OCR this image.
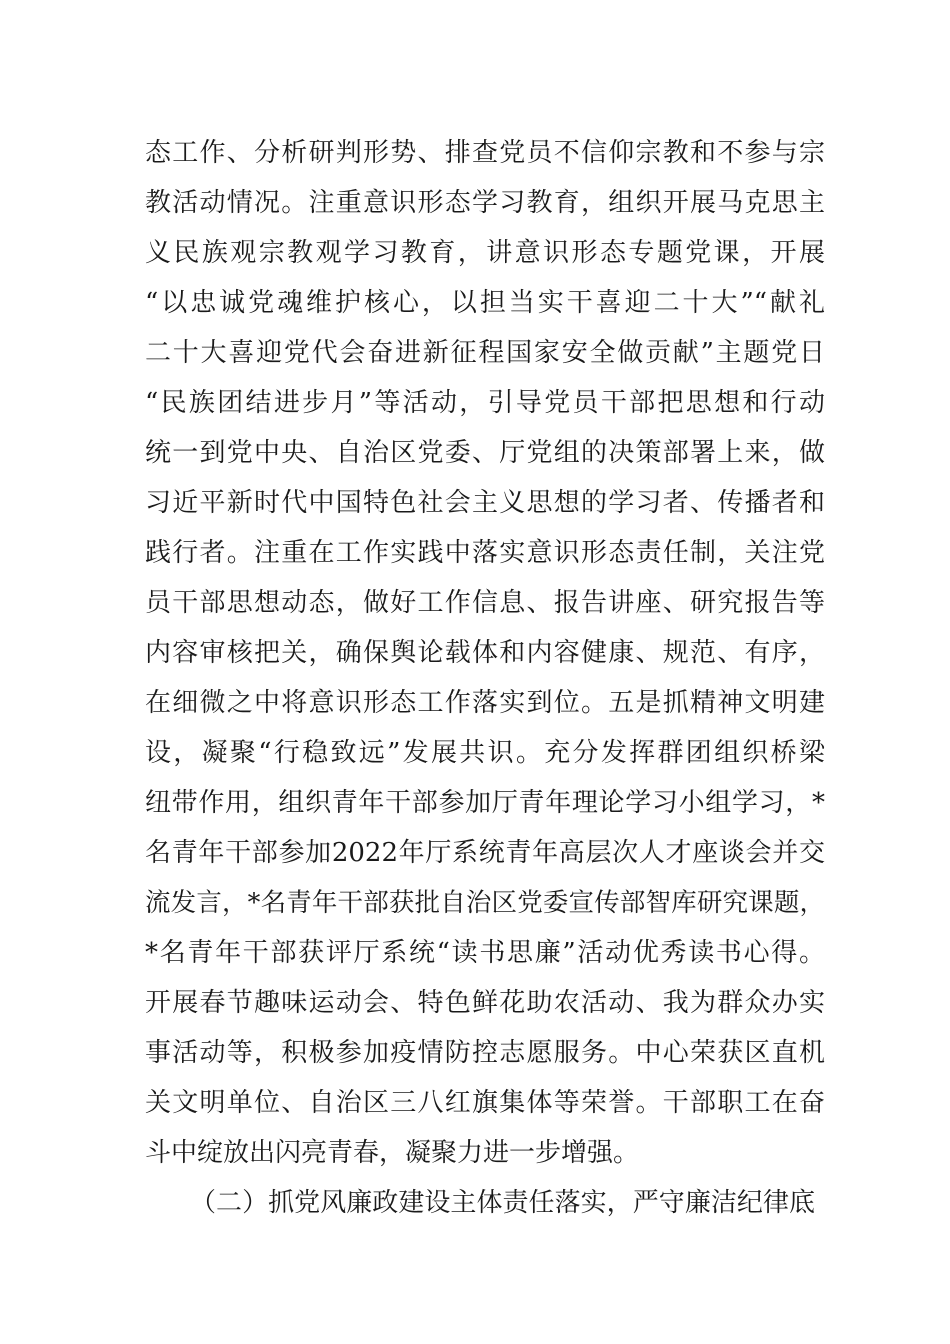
态工作、分析研判形势、排查党员不信仰宗教和不参与宗
教活动情况。注重意识形态学习教育，组织开展马克思主
义民族观宗教观学习教育，讲意识形态专题党课，开展
“以忠诚党魂维护核心，以担当实干喜迎二十大”“献礼
二十大喜迎党代会奋进新征程国家安全做贡献”主题党日
“民族团结进步月”等活动，引导党员干部把思想和行动
统一到党中央、自治区党委、厅党组的决策部署上来，做
习近平新时代中国特色社会主义思想的学习者、传播者和
践行者。注重在工作实践中落实意识形态责任制，关注党
员干部思想动态，做好工作信息、报告讲座、研究报告等
内容审核把关，确保舆论载体和内容健康、规范、有序，
在细微之中将意识形态工作落实到位。五是抓精神文明建
设，凝聚“行稳致远”发展共识。充分发挥群团组织桥梁
纽带作用，组织青年干部参加厅青年理论学习小组学习，*
名青年干部参加2022年厅系统青年高层次人才座谈会并交
流发言，*名青年干部获批自治区党委宣传部智库研究课题，
*名青年干部获评厅系统“读书思廉”活动优秀读书心得。
开展春节趣味运动会、特色鲜花助农活动、我为群众办实
事活动等，积极参加疫情防控志愿服务。中心荣获区直机
关文明单位、自治区三八红旗集体等荣誉。干部职工在奋
斗中绽放出闪亮青春，凝聚力进一步增强。
（二）抓党风廉政建设主体责任落实，严守廉洁纪律底
